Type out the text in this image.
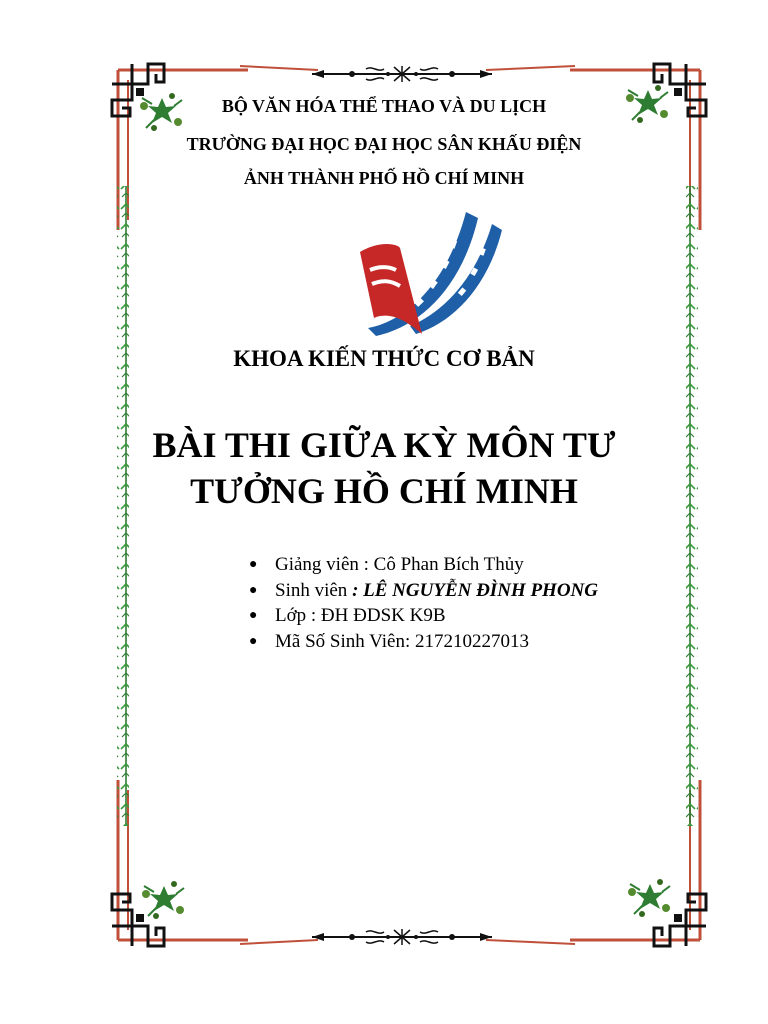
BỘ VĂN HÓA THỂ THAO VÀ DU LỊCH
TRƯỜNG ĐẠI HỌC ĐẠI HỌC SÂN KHẤU ĐIỆN
ẢNH THÀNH PHỐ HỒ CHÍ MINH
KHOA KIẾN THỨC CƠ BẢN
BÀI THI GIỮA KỲ MÔN TƯ
TƯỞNG HỒ CHÍ MINH
● Giảng viên : Cô Phan Bích Thủy
● Sinh viên : LÊ NGUYỄN ĐÌNH PHONG
● Lớp : ĐH ĐDSK K9B
● Mã Số Sinh Viên: 217210227013
